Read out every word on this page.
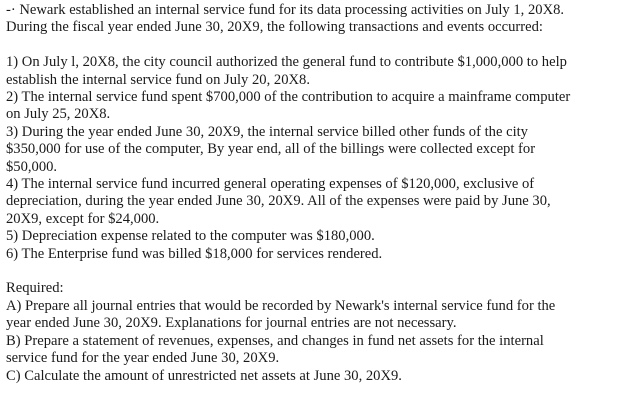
-· Newark established an internal service fund for its data processing activities on July 1, 20X8.

During the fiscal year ended June 30, 20X9, the following transactions and events occurred:

1) On July l, 20X8, the city council authorized the general fund to contribute $1,000,000 to help

establish the internal service fund on July 20, 20X8.

2) The internal service fund spent $700,000 of the contribution to acquire a mainframe computer

on July 25, 20X8.

3) During the year ended June 30, 20X9, the internal service billed other funds of the city

$350,000 for use of the computer, By year end, all of the billings were collected except for

$50,000.

4) The internal service fund incurred general operating expenses of $120,000, exclusive of

depreciation, during the year ended June 30, 20X9. All of the expenses were paid by June 30,

20X9, except for $24,000.

5) Depreciation expense related to the computer was $180,000.

6) The Enterprise fund was billed $18,000 for services rendered.

Required:

A) Prepare all journal entries that would be recorded by Newark's internal service fund for the

year ended June 30, 20X9. Explanations for journal entries are not necessary.

B) Prepare a statement of revenues, expenses, and changes in fund net assets for the internal

service fund for the year ended June 30, 20X9.

C) Calculate the amount of unrestricted net assets at June 30, 20X9.
